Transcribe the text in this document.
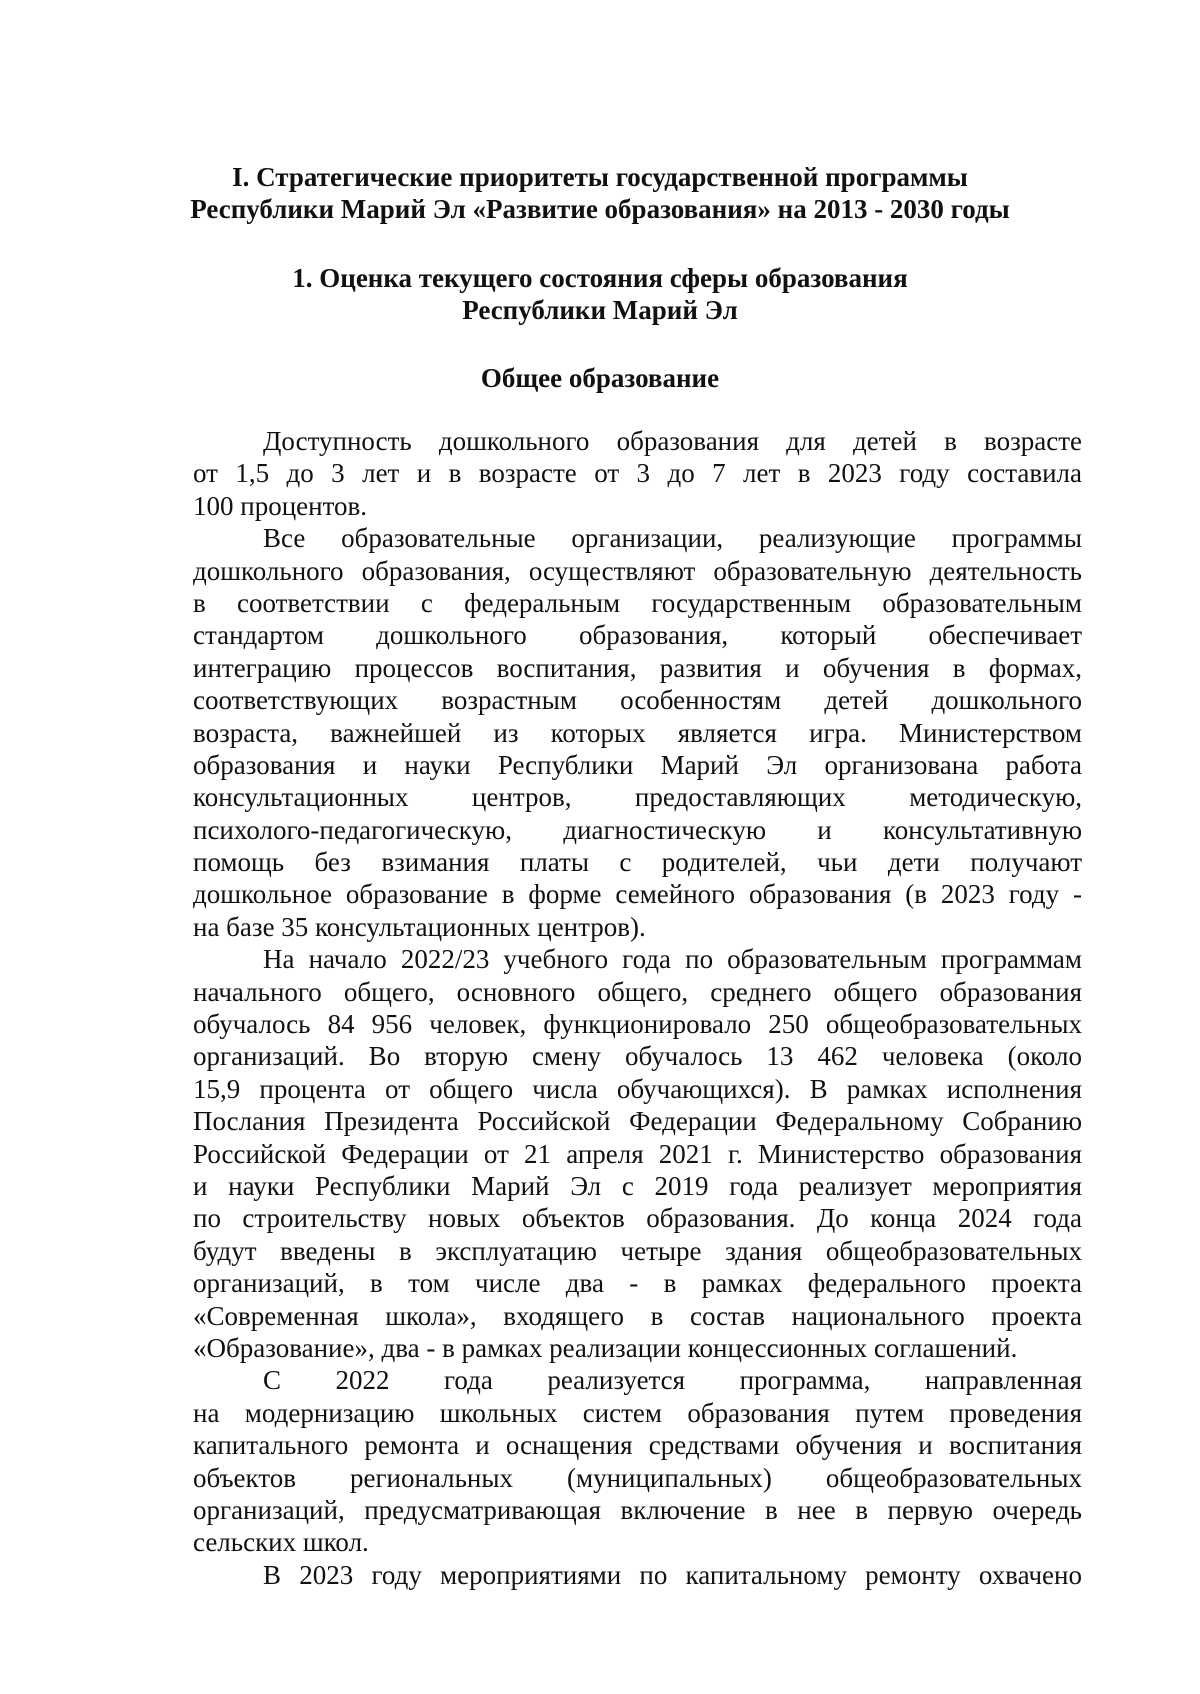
I. Стратегические приоритеты государственной программы
Республики Марий Эл «Развитие образования» на 2013 - 2030 годы
1. Оценка текущего состояния сферы образования
Республики Марий Эл
Общее образование

Доступность дошкольного образования для детей в возрасте
от 1,5 до 3 лет и в возрасте от 3 до 7 лет в 2023 году составила
100 процентов.

Все образовательные организации, реализующие программы
дошкольного образования, осуществляют образовательную деятельность
в соответствии с федеральным государственным образовательным
стандартом дошкольного образования, который обеспечивает
интеграцию процессов воспитания, развития и обучения в формах,
соответствующих возрастным особенностям детей дошкольного
возраста, важнейшей из которых является игра. Министерством
образования и науки Республики Марий Эл организована работа
консультационных центров, предоставляющих методическую,
психолого-педагогическую, диагностическую и консультативную
помощь без взимания платы с родителей, чьи дети получают
дошкольное образование в форме семейного образования (в 2023 году -
на базе 35 консультационных центров).

На начало 2022/23 учебного года по образовательным программам
начального общего, основного общего, среднего общего образования
обучалось 84 956 человек, функционировало 250 общеобразовательных
организаций. Во вторую смену обучалось 13 462 человека (около
15,9 процента от общего числа обучающихся). В рамках исполнения
Послания Президента Российской Федерации Федеральному Собранию
Российской Федерации от 21 апреля 2021 г. Министерство образования
и науки Республики Марий Эл с 2019 года реализует мероприятия
по строительству новых объектов образования. До конца 2024 года
будут введены в эксплуатацию четыре здания общеобразовательных
организаций, в том числе два - в рамках федерального проекта
«Современная школа», входящего в состав национального проекта
«Образование», два - в рамках реализации концессионных соглашений.

С 2022 года реализуется программа, направленная
на модернизацию школьных систем образования путем проведения
капитального ремонта и оснащения средствами обучения и воспитания
объектов региональных (муниципальных) общеобразовательных
организаций, предусматривающая включение в нее в первую очередь
сельских школ.

В 2023 году мероприятиями по капитальному ремонту охвачено
